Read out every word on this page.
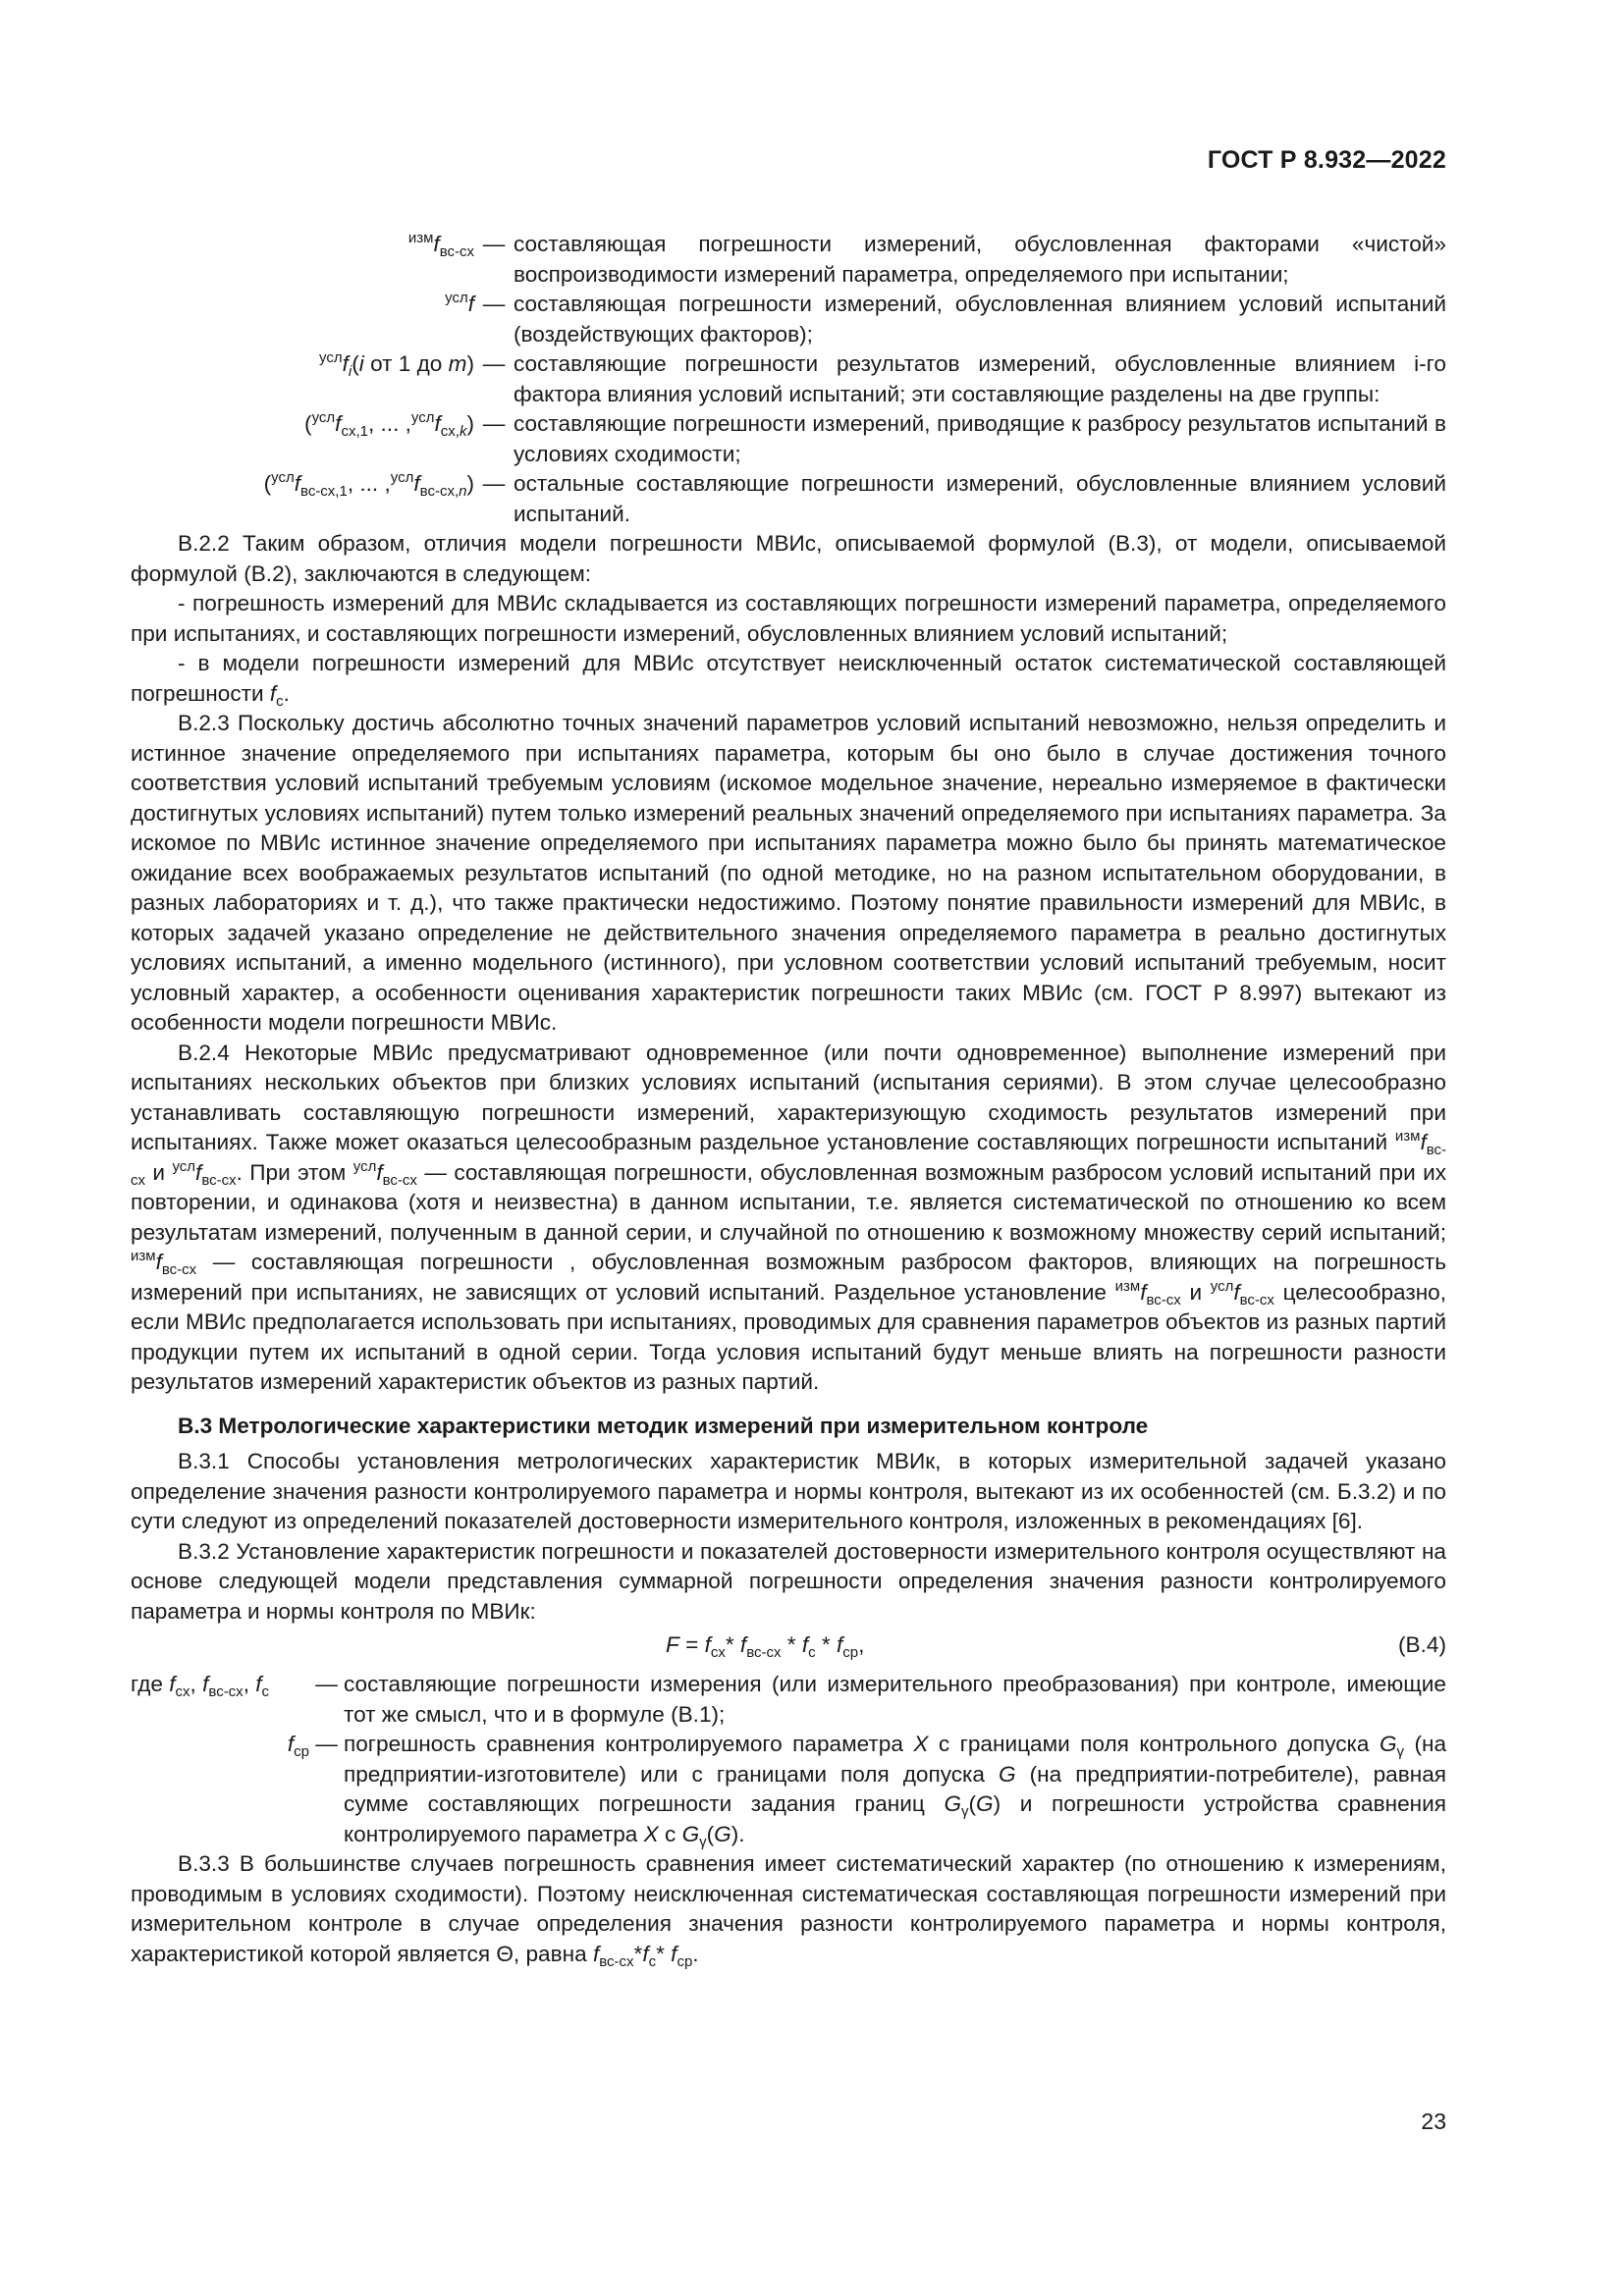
ГОСТ Р 8.932—2022
$^{изм}f_{вс-сх}$ — составляющая погрешности измерений, обусловленная факторами «чистой» воспроизводимости измерений параметра, определяемого при испытании;
$^{усл}$f — составляющая погрешности измерений, обусловленная влиянием условий испытаний (воздействующих факторов);
$^{усл}f_i(i$ от 1 до m) — составляющие погрешности результатов измерений, обусловленные влиянием i-го фактора влияния условий испытаний; эти составляющие разделены на две группы:
($^{усл}f_{сх,1}$, ... $,^{усл}f_{сх,k}$) — составляющие погрешности измерений, приводящие к разбросу результатов испытаний в условиях сходимости;
($^{усл}f_{вс-сх,1}$, ... $,^{усл}f_{вс-сх,n}$) — остальные составляющие погрешности измерений, обусловленные влиянием условий испытаний.

В.2.2 Таким образом, отличия модели погрешности МВИс, описываемой формулой (В.3), от модели, описываемой формулой (В.2), заключаются в следующем:

- погрешность измерений для МВИс складывается из составляющих погрешности измерений параметра, определяемого при испытаниях, и составляющих погрешности измерений, обусловленных влиянием условий испытаний;

- в модели погрешности измерений для МВИс отсутствует неисключенный остаток систематической составляющей погрешности $f_с$.

В.2.3 Поскольку достичь абсолютно точных значений параметров условий испытаний невозможно, нельзя определить и истинное значение определяемого при испытаниях параметра, которым бы оно было в случае достижения точного соответствия условий испытаний требуемым условиям (искомое модельное значение, нереально измеряемое в фактически достигнутых условиях испытаний) путем только измерений реальных значений определяемого при испытаниях параметра. За искомое по МВИс истинное значение определяемого при испытаниях параметра можно было бы принять математическое ожидание всех воображаемых результатов испытаний (по одной методике, но на разном испытательном оборудовании, в разных лабораториях и т. д.), что также практически недостижимо. Поэтому понятие правильности измерений для МВИс, в которых задачей указано определение не действительного значения определяемого параметра в реально достигнутых условиях испытаний, а именно модельного (истинного), при условном соответствии условий испытаний требуемым, носит условный характер, а особенности оценивания характеристик погрешности таких МВИс (см. ГОСТ Р 8.997) вытекают из особенности модели погрешности МВИс.

В.2.4 Некоторые МВИс предусматривают одновременное (или почти одновременное) выполнение измерений при испытаниях нескольких объектов при близких условиях испытаний (испытания сериями). В этом случае целесообразно устанавливать составляющую погрешности измерений, характеризующую сходимость результатов измерений при испытаниях. Также может оказаться целесообразным раздельное установление составляющих погрешности испытаний $^{изм}f_{вс-сх}$ и $^{усл}f_{вс-сх}$. При этом $^{усл}f_{вс-сх}$ — составляющая погрешности, обусловленная возможным разбросом условий испытаний при их повторении, и одинакова (хотя и неизвестна) в данном испытании, т.е. является систематической по отношению ко всем результатам измерений, полученным в данной серии, и случайной по отношению к возможному множеству серий испытаний; $^{изм}f_{вс-сх}$ — составляющая погрешности , обусловленная возможным разбросом факторов, влияющих на погрешность измерений при испытаниях, не зависящих от условий испытаний. Раздельное установление $^{изм}f_{вс-сх}$ и $^{усл}f_{вс-сх}$ целесообразно, если МВИс предполагается использовать при испытаниях, проводимых для сравнения параметров объектов из разных партий продукции путем их испытаний в одной серии. Тогда условия испытаний будут меньше влиять на погрешности разности результатов измерений характеристик объектов из разных партий.

В.3 Метрологические характеристики методик измерений при измерительном контроле

В.3.1 Способы установления метрологических характеристик МВИк, в которых измерительной задачей указано определение значения разности контролируемого параметра и нормы контроля, вытекают из их особенностей (см. Б.3.2) и по сути следуют из определений показателей достоверности измерительного контроля, изложенных в рекомендациях [6].

В.3.2 Установление характеристик погрешности и показателей достоверности измерительного контроля осуществляют на основе следующей модели представления суммарной погрешности определения значения разности контролируемого параметра и нормы контроля по МВИк:

$F = f_{сх}*$ $f_{вс-сх} * f_с * f_{ср}$,	(В.4)
где $f_{сх}$, $f_{вс-сх}$, $f_с$	— составляющие погрешности измерения (или измерительного преобразования) при контроле, имеющие тот же смысл, что и в формуле (В.1);
$f_{ср}$ — погрешность сравнения контролируемого параметра X с границами поля контрольного допуска $G_\gamma$ (на предприятии-изготовителе) или с границами поля допуска G (на предприятии-потребителе), равная сумме составляющих погрешности задания границ $G_\gamma(G)$ и погрешности устройства сравнения контролируемого параметра X с $G_\gamma(G)$.

В.3.3 В большинстве случаев погрешность сравнения имеет систематический характер (по отношению к измерениям, проводимым в условиях сходимости). Поэтому неисключенная систематическая составляющая погрешности измерений при измерительном контроле в случае определения значения разности контролируемого параметра и нормы контроля, характеристикой которой является Θ, равна $f_{вс-сх}*f_с*$ $f_{ср}$.

23
